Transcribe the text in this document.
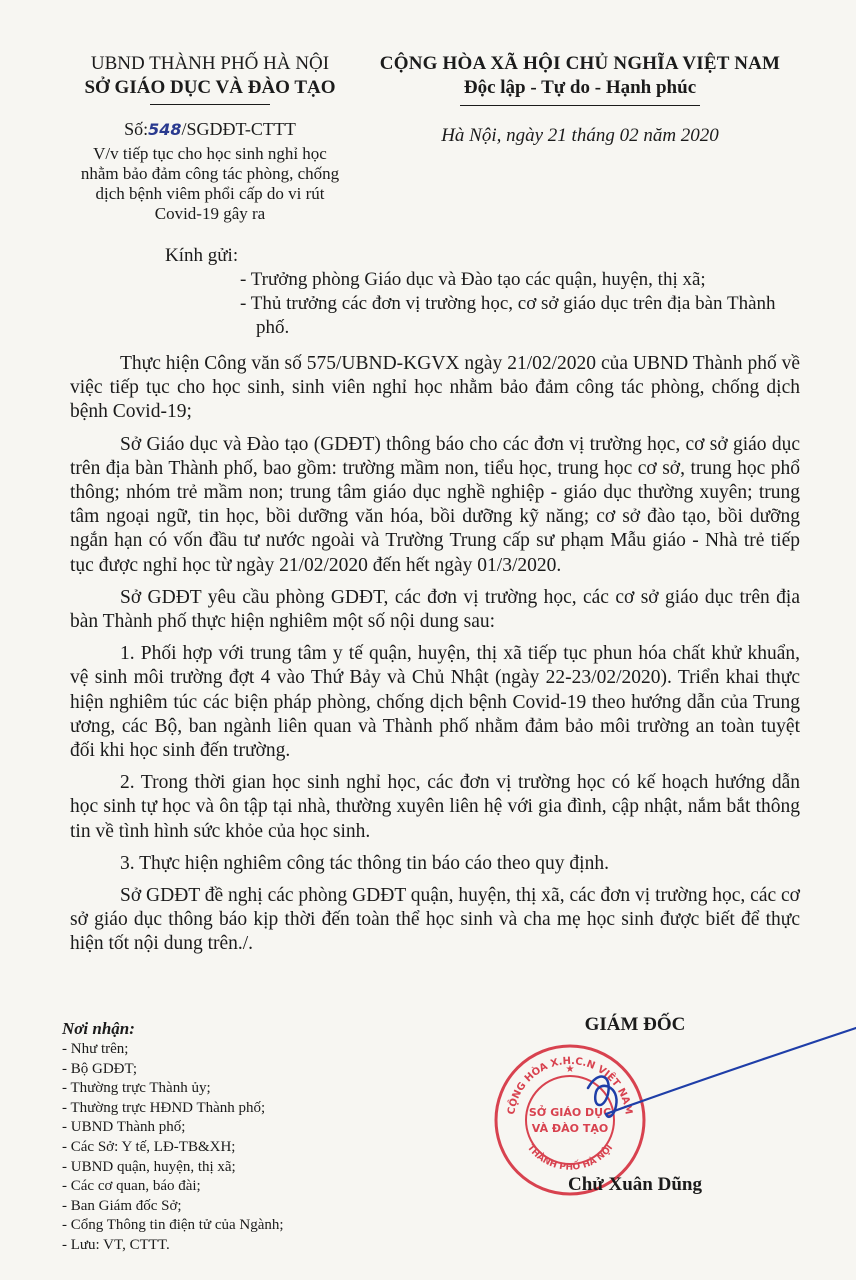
UBND THÀNH PHỐ HÀ NỘI
SỞ GIÁO DỤC VÀ ĐÀO TẠO
CỘNG HÒA XÃ HỘI CHỦ NGHĨA VIỆT NAM
Độc lập - Tự do - Hạnh phúc
Số:548/SGDĐT-CTTT
V/v tiếp tục cho học sinh nghỉ học
nhằm bảo đảm công tác phòng, chống
dịch bệnh viêm phổi cấp do vi rút
Covid-19 gây ra
Hà Nội, ngày 21 tháng 02 năm 2020
Kính gửi:
- Trưởng phòng Giáo dục và Đào tạo các quận, huyện, thị xã;
- Thủ trưởng các đơn vị trường học, cơ sở giáo dục trên địa bàn Thành phố.

Thực hiện Công văn số 575/UBND-KGVX ngày 21/02/2020 của UBND Thành phố về việc tiếp tục cho học sinh, sinh viên nghỉ học nhằm bảo đảm công tác phòng, chống dịch bệnh Covid-19;

Sở Giáo dục và Đào tạo (GDĐT) thông báo cho các đơn vị trường học, cơ sở giáo dục trên địa bàn Thành phố, bao gồm: trường mầm non, tiểu học, trung học cơ sở, trung học phổ thông; nhóm trẻ mầm non; trung tâm giáo dục nghề nghiệp - giáo dục thường xuyên; trung tâm ngoại ngữ, tin học, bồi dưỡng văn hóa, bồi dưỡng kỹ năng; cơ sở đào tạo, bồi dưỡng ngắn hạn có vốn đầu tư nước ngoài và Trường Trung cấp sư phạm Mẫu giáo - Nhà trẻ tiếp tục được nghỉ học từ ngày 21/02/2020 đến hết ngày 01/3/2020.

Sở GDĐT yêu cầu phòng GDĐT, các đơn vị trường học, các cơ sở giáo dục trên địa bàn Thành phố thực hiện nghiêm một số nội dung sau:

1. Phối hợp với trung tâm y tế quận, huyện, thị xã tiếp tục phun hóa chất khử khuẩn, vệ sinh môi trường đợt 4 vào Thứ Bảy và Chủ Nhật (ngày 22-23/02/2020). Triển khai thực hiện nghiêm túc các biện pháp phòng, chống dịch bệnh Covid-19 theo hướng dẫn của Trung ương, các Bộ, ban ngành liên quan và Thành phố nhằm đảm bảo môi trường an toàn tuyệt đối khi học sinh đến trường.

2. Trong thời gian học sinh nghỉ học, các đơn vị trường học có kế hoạch hướng dẫn học sinh tự học và ôn tập tại nhà, thường xuyên liên hệ với gia đình, cập nhật, nắm bắt thông tin về tình hình sức khỏe của học sinh.

3. Thực hiện nghiêm công tác thông tin báo cáo theo quy định.

Sở GDĐT đề nghị các phòng GDĐT quận, huyện, thị xã, các đơn vị trường học, các cơ sở giáo dục thông báo kịp thời đến toàn thể học sinh và cha mẹ học sinh được biết để thực hiện tốt nội dung trên./.

Nơi nhận:
- Như trên;
- Bộ GDĐT;
- Thường trực Thành ủy;
- Thường trực HĐND Thành phố;
- UBND Thành phố;
- Các Sở: Y tế, LĐ-TB&XH;
- UBND quận, huyện, thị xã;
- Các cơ quan, báo đài;
- Ban Giám đốc Sở;
- Cổng Thông tin điện tử của Ngành;
- Lưu: VT, CTTT.
GIÁM ĐỐC
CỘNG HÒA X.H.C.N VIỆT NAM
THÀNH PHỐ HÀ NỘI
SỞ GIÁO DỤC
VÀ ĐÀO TẠO
★
Chử Xuân Dũng
